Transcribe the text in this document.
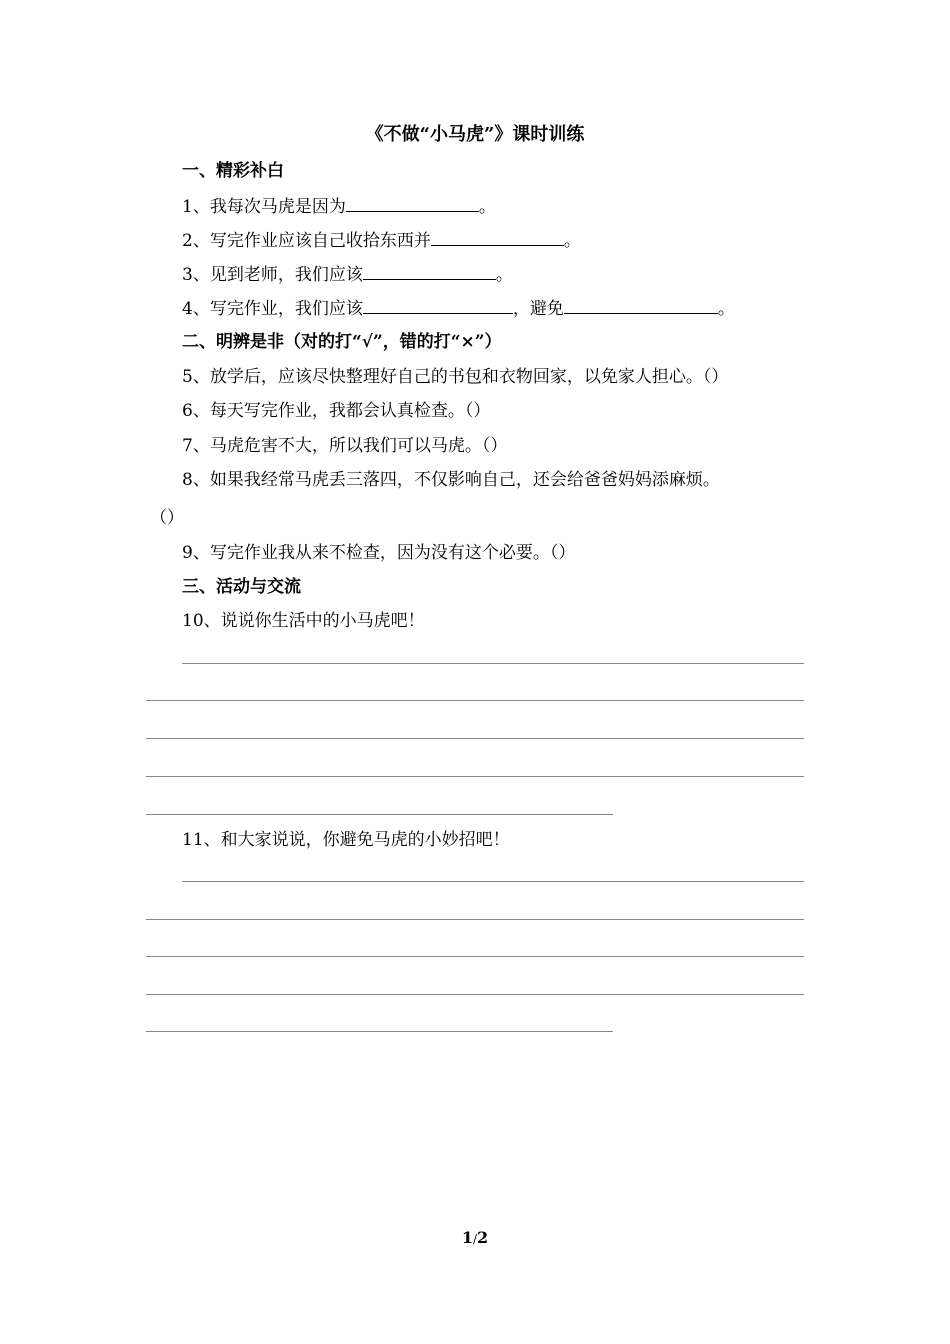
《不做“小马虎”》课时训练
一、精彩补白
1、我每次马虎是因为	。
2、写完作业应该自己收拾东西并	。
3、见到老师，我们应该	。
4、写完作业，我们应该	，避免	。
二、明辨是非（对的打“√”，错的打“×”）
5、放学后，应该尽快整理好自己的书包和衣物回家，以免家人担心。（）
6、每天写完作业，我都会认真检查。（）
7、马虎危害不大，所以我们可以马虎。（）
8、如果我经常马虎丢三落四，不仅影响自己，还会给爸爸妈妈添麻烦。
（）
9、写完作业我从来不检查，因为没有这个必要。（）
三、活动与交流
10、说说你生活中的小马虎吧！
11、和大家说说，你避免马虎的小妙招吧！
1/2
